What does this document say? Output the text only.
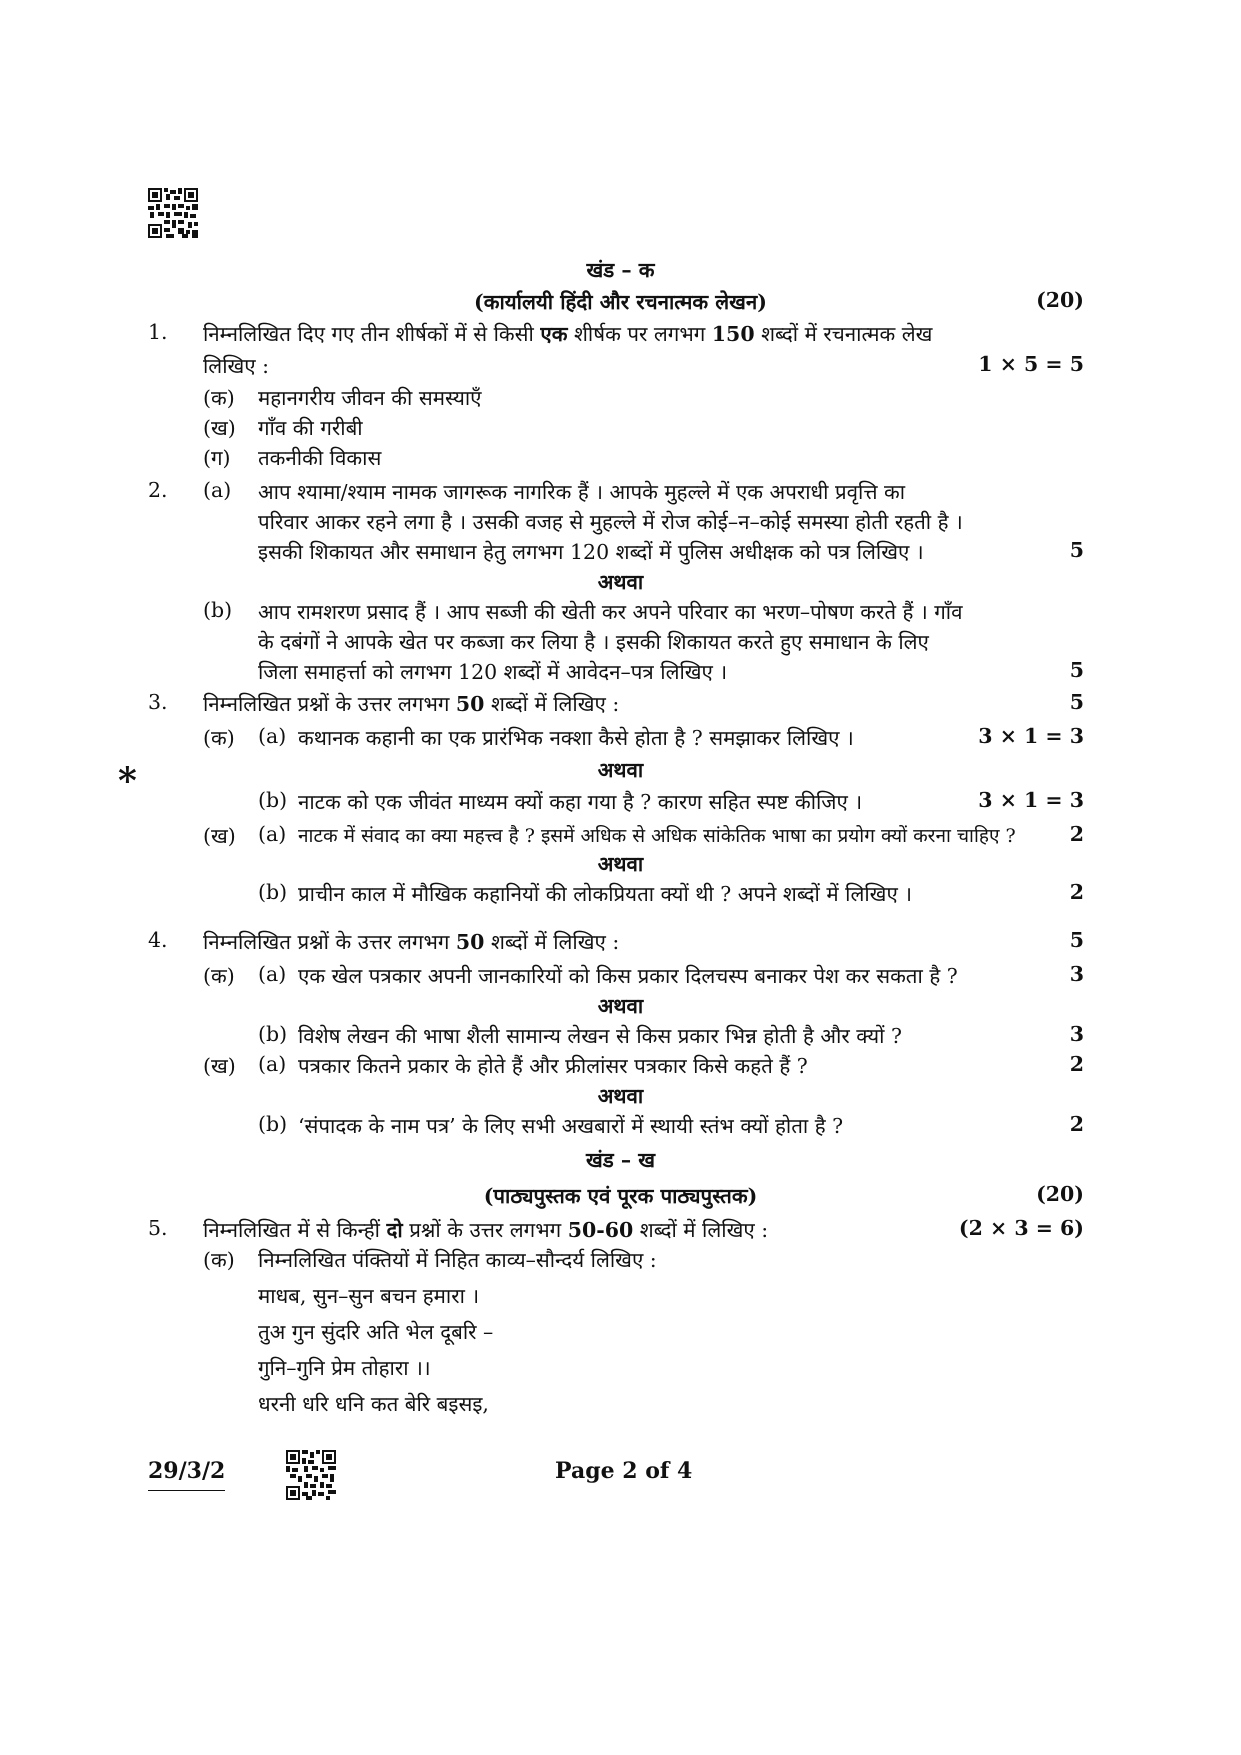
खंड – क
(कार्यालयी हिंदी और रचनात्मक लेखन)	(20)
1. निम्नलिखित दिए गए तीन शीर्षकों में से किसी एक शीर्षक पर लगभग 150 शब्दों में रचनात्मक लेख
लिखिए :	1 × 5 = 5
(क) महानगरीय जीवन की समस्याएँ
(ख) गाँव की गरीबी
(ग) तकनीकी विकास
2. (a) आप श्यामा/श्याम नामक जागरूक नागरिक हैं । आपके मुहल्ले में एक अपराधी प्रवृत्ति का
परिवार आकर रहने लगा है । उसकी वजह से मुहल्ले में रोज कोई–न–कोई समस्या होती रहती है ।
इसकी शिकायत और समाधान हेतु लगभग 120 शब्दों में पुलिस अधीक्षक को पत्र लिखिए ।	5
अथवा
(b) आप रामशरण प्रसाद हैं । आप सब्जी की खेती कर अपने परिवार का भरण–पोषण करते हैं । गाँव
के दबंगों ने आपके खेत पर कब्जा कर लिया है । इसकी शिकायत करते हुए समाधान के लिए
जिला समाहर्त्ता को लगभग 120 शब्दों में आवेदन–पत्र लिखिए ।	5
3. निम्नलिखित प्रश्नों के उत्तर लगभग 50 शब्दों में लिखिए :	5
(क) (a) कथानक कहानी का एक प्रारंभिक नक्शा कैसे होता है ? समझाकर लिखिए ।	3 × 1 = 3
*	अथवा
(b) नाटक को एक जीवंत माध्यम क्यों कहा गया है ? कारण सहित स्पष्ट कीजिए ।	3 × 1 = 3
(ख) (a) नाटक में संवाद का क्या महत्त्व है ? इसमें अधिक से अधिक सांकेतिक भाषा का प्रयोग क्यों करना चाहिए ?	2
अथवा
(b) प्राचीन काल में मौखिक कहानियों की लोकप्रियता क्यों थी ? अपने शब्दों में लिखिए ।	2
4. निम्नलिखित प्रश्नों के उत्तर लगभग 50 शब्दों में लिखिए :	5
(क) (a) एक खेल पत्रकार अपनी जानकारियों को किस प्रकार दिलचस्प बनाकर पेश कर सकता है ?	3
अथवा
(b) विशेष लेखन की भाषा शैली सामान्य लेखन से किस प्रकार भिन्न होती है और क्यों ?	3
(ख) (a) पत्रकार कितने प्रकार के होते हैं और फ्रीलांसर पत्रकार किसे कहते हैं ?	2
अथवा
(b) ‘संपादक के नाम पत्र’ के लिए सभी अखबारों में स्थायी स्तंभ क्यों होता है ?	2
खंड – ख
(पाठ्यपुस्तक एवं पूरक पाठ्यपुस्तक)	(20)
5. निम्नलिखित में से किन्हीं दो प्रश्नों के उत्तर लगभग 50-60 शब्दों में लिखिए :	(2 × 3 = 6)
(क) निम्नलिखित पंक्तियों में निहित काव्य–सौन्दर्य लिखिए :
माधब, सुन–सुन बचन हमारा ।
तुअ गुन सुंदरि अति भेल दूबरि –
गुनि–गुनि प्रेम तोहारा ।।
धरनी धरि धनि कत बेरि बइसइ,
29/3/2	Page 2 of 4
